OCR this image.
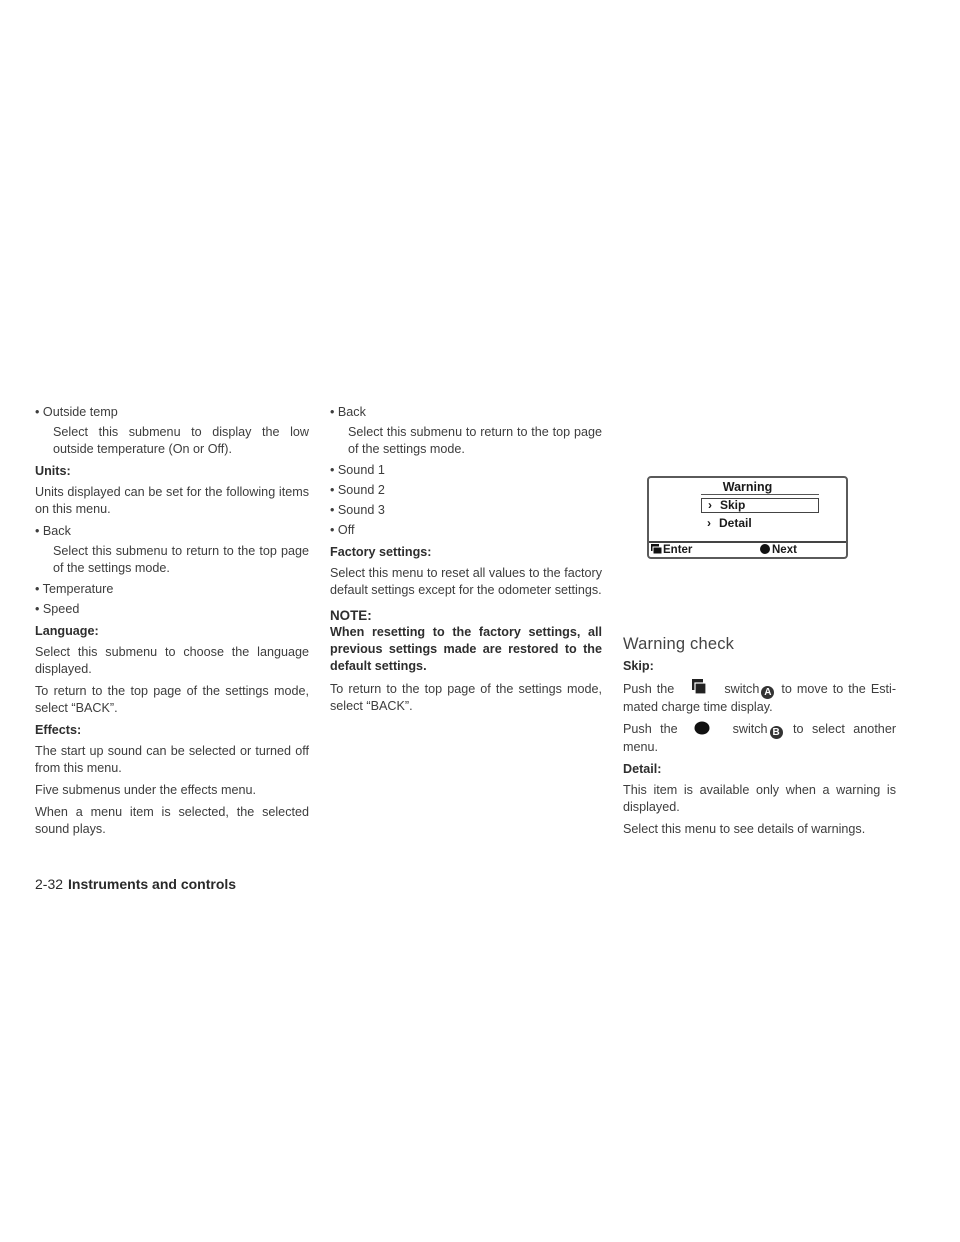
• Outside temp

Select this submenu to display the low outside temperature (On or Off).

Units:

Units displayed can be set for the following items on this menu.

• Back

Select this submenu to return to the top page of the settings mode.

• Temperature

• Speed

Language:

Select this submenu to choose the language displayed.

To return to the top page of the settings mode, select “BACK”.

Effects:

The start up sound can be selected or turned off from this menu.

Five submenus under the effects menu.

When a menu item is selected, the selected sound plays.

• Back

Select this submenu to return to the top page of the settings mode.

• Sound 1

• Sound 2

• Sound 3

• Off

Factory settings:

Select this menu to reset all values to the factory default settings except for the odometer settings.

NOTE:

When resetting to the factory settings, all previous settings made are restored to the default settings.

To return to the top page of the settings mode, select “BACK”.

Warning
› Skip
› Detail
Enter	Next

Warning check

Skip:

Push the	switch A to move to the Esti-mated charge time display.

Push the	switch B to select another menu.

Detail:

This item is available only when a warning is displayed.

Select this menu to see details of warnings.

2-32 Instruments and controls
